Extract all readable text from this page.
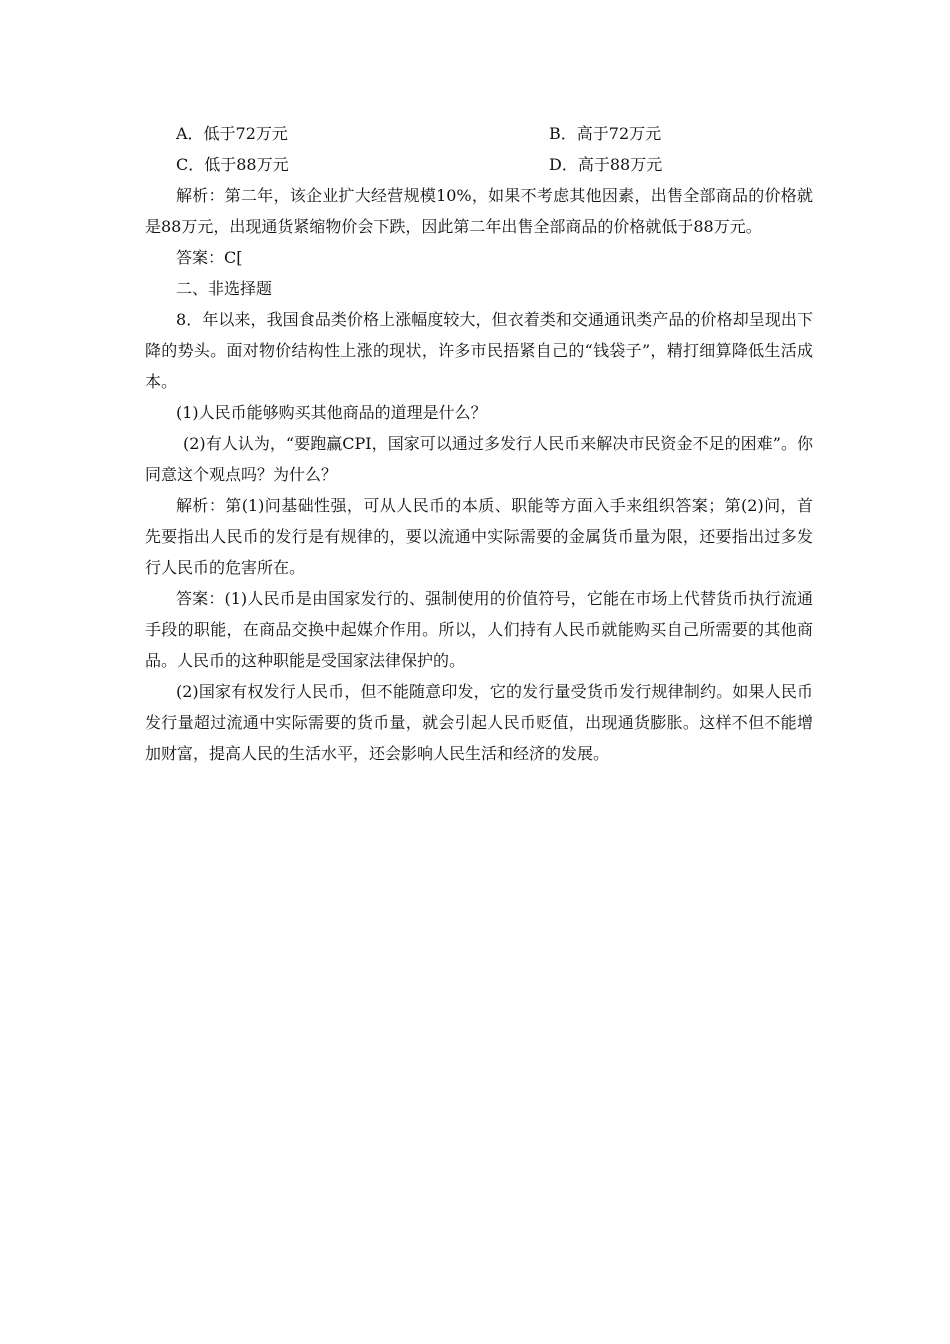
A．低于72万元	B．高于72万元
C．低于88万元	D．高于88万元

解析：第二年，该企业扩大经营规模10%，如果不考虑其他因素，出售全部商品的价格就是88万元，出现通货紧缩物价会下跌，因此第二年出售全部商品的价格就低于88万元。

答案：C[

二、非选择题

8．年以来，我国食品类价格上涨幅度较大，但衣着类和交通通讯类产品的价格却呈现出下降的势头。面对物价结构性上涨的现状，许多市民捂紧自己的“钱袋子”，精打细算降低生活成本。

(1)人民币能够购买其他商品的道理是什么？

(2)有人认为，“要跑赢CPI，国家可以通过多发行人民币来解决市民资金不足的困难”。你同意这个观点吗？为什么？

解析：第(1)问基础性强，可从人民币的本质、职能等方面入手来组织答案；第(2)问，首先要指出人民币的发行是有规律的，要以流通中实际需要的金属货币量为限，还要指出过多发行人民币的危害所在。

答案：(1)人民币是由国家发行的、强制使用的价值符号，它能在市场上代替货币执行流通手段的职能，在商品交换中起媒介作用。所以，人们持有人民币就能购买自己所需要的其他商品。人民币的这种职能是受国家法律保护的。

(2)国家有权发行人民币，但不能随意印发，它的发行量受货币发行规律制约。如果人民币发行量超过流通中实际需要的货币量，就会引起人民币贬值，出现通货膨胀。这样不但不能增加财富，提高人民的生活水平，还会影响人民生活和经济的发展。
